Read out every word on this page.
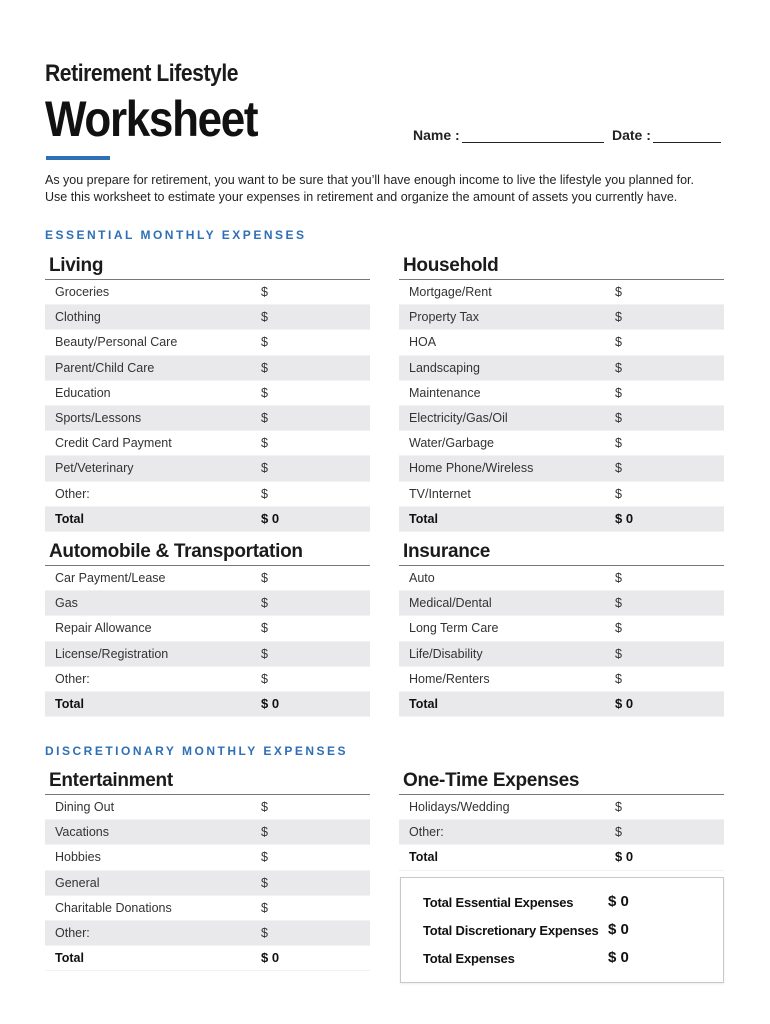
Retirement Lifestyle
Worksheet	Name :	Date :
As you prepare for retirement, you want to be sure that you’ll have enough income to live the lifestyle you planned for.
Use this worksheet to estimate your expenses in retirement and organize the amount of assets you currently have.
ESSENTIAL MONTHLY EXPENSES
Living
Groceries	$
Clothing	$
Beauty/Personal Care	$
Parent/Child Care	$
Education	$
Sports/Lessons	$
Credit Card Payment	$
Pet/Veterinary	$
Other:	$
Total	$ 0
Household
Mortgage/Rent	$
Property Tax	$
HOA	$
Landscaping	$
Maintenance	$
Electricity/Gas/Oil	$
Water/Garbage	$
Home Phone/Wireless	$
TV/Internet	$
Total	$ 0
Automobile & Transportation
Car Payment/Lease	$
Gas	$
Repair Allowance	$
License/Registration	$
Other:	$
Total	$ 0
Insurance
Auto	$
Medical/Dental	$
Long Term Care	$
Life/Disability	$
Home/Renters	$
Total	$ 0
DISCRETIONARY MONTHLY EXPENSES
Entertainment
Dining Out	$
Vacations	$
Hobbies	$
General	$
Charitable Donations	$
Other:	$
Total	$ 0
One-Time Expenses
Holidays/Wedding	$
Other:	$
Total	$ 0
Total Essential Expenses $ 0
Total Discretionary Expenses $ 0
Total Expenses	$ 0
